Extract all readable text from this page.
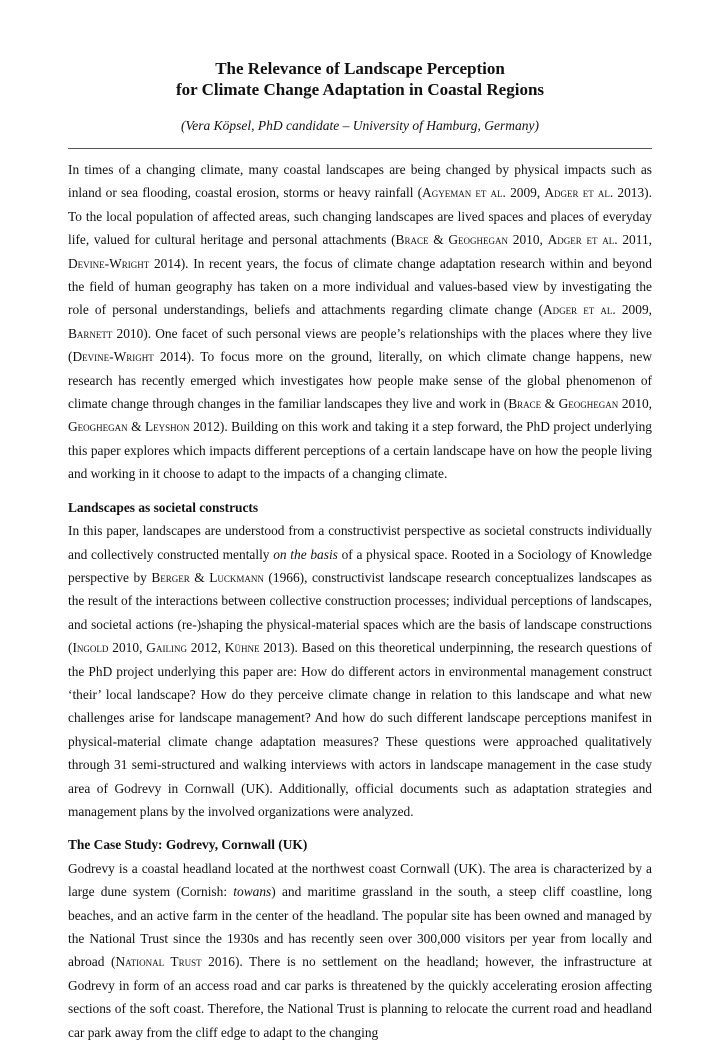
The Relevance of Landscape Perception
for Climate Change Adaptation in Coastal Regions
(Vera Köpsel, PhD candidate – University of Hamburg, Germany)

In times of a changing climate, many coastal landscapes are being changed by physical impacts such as inland or sea flooding, coastal erosion, storms or heavy rainfall (Agyeman et al. 2009, Adger et al. 2013). To the local population of affected areas, such changing landscapes are lived spaces and places of everyday life, valued for cultural heritage and personal attachments (Brace & Geoghegan 2010, Adger et al. 2011, Devine-Wright 2014). In recent years, the focus of climate change adaptation research within and beyond the field of human geography has taken on a more individual and values-based view by investigating the role of personal understandings, beliefs and attachments regarding climate change (Adger et al. 2009, Barnett 2010). One facet of such personal views are people’s relationships with the places where they live (Devine-Wright 2014). To focus more on the ground, literally, on which climate change happens, new research has recently emerged which investigates how people make sense of the global phenomenon of climate change through changes in the familiar landscapes they live and work in (Brace & Geoghegan 2010, Geoghegan & Leyshon 2012). Building on this work and taking it a step forward, the PhD project underlying this paper explores which impacts different perceptions of a certain landscape have on how the people living and working in it choose to adapt to the impacts of a changing climate.

Landscapes as societal constructs

In this paper, landscapes are understood from a constructivist perspective as societal constructs individually and collectively constructed mentally on the basis of a physical space. Rooted in a Sociology of Knowledge perspective by Berger & Luckmann (1966), constructivist landscape research conceptualizes landscapes as the result of the interactions between collective construction processes; individual perceptions of landscapes, and societal actions (re-)shaping the physical-material spaces which are the basis of landscape constructions (Ingold 2010, Gailing 2012, Kühne 2013). Based on this theoretical underpinning, the research questions of the PhD project underlying this paper are: How do different actors in environmental management construct ‘their’ local landscape? How do they perceive climate change in relation to this landscape and what new challenges arise for landscape management? And how do such different landscape perceptions manifest in physical-material climate change adaptation measures? These questions were approached qualitatively through 31 semi-structured and walking interviews with actors in landscape management in the case study area of Godrevy in Cornwall (UK). Additionally, official documents such as adaptation strategies and management plans by the involved organizations were analyzed.

The Case Study: Godrevy, Cornwall (UK)

Godrevy is a coastal headland located at the northwest coast Cornwall (UK). The area is characterized by a large dune system (Cornish: towans) and maritime grassland in the south, a steep cliff coastline, long beaches, and an active farm in the center of the headland. The popular site has been owned and managed by the National Trust since the 1930s and has recently seen over 300,000 visitors per year from locally and abroad (National Trust 2016). There is no settlement on the headland; however, the infrastructure at Godrevy in form of an access road and car parks is threatened by the quickly accelerating erosion affecting sections of the soft coast. Therefore, the National Trust is planning to relocate the current road and headland car park away from the cliff edge to adapt to the changing
